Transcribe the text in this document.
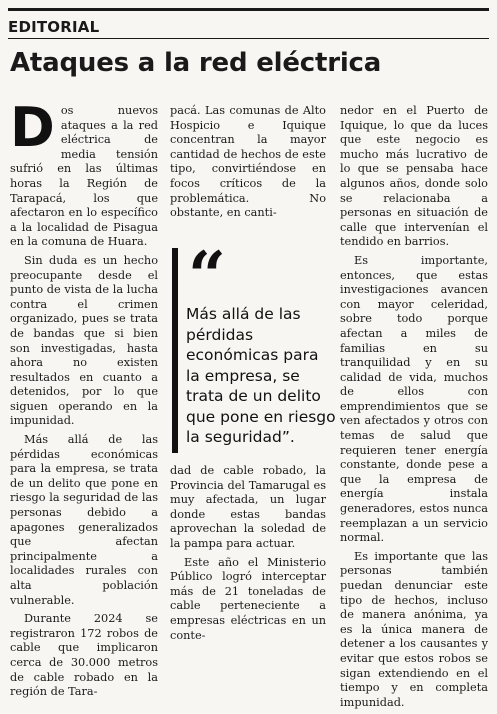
EDITORIAL
Ataques a la red eléctrica

Dos nuevos ataques a la red eléctrica de media tensión sufrió en las últimas horas la Región de Tarapacá, los que afectaron en lo específico a la localidad de Pisagua en la comuna de Huara.

Sin duda es un hecho preocupante desde el punto de vista de la lucha contra el crimen organizado, pues se trata de bandas que si bien son investigadas, hasta ahora no existen resultados en cuanto a detenidos, por lo que siguen operando en la impunidad.

Más allá de las pérdidas económicas para la empresa, se trata de un delito que pone en riesgo la seguridad de las personas debido a apagones generalizados que afectan principalmente a localidades rurales con alta población vulnerable.

Durante 2024 se registraron 172 robos de cable que implicaron cerca de 30.000 metros de cable robado en la región de Tara-

pacá. Las comunas de Alto Hospicio e Iquique concentran la mayor cantidad de hechos de este tipo, convirtiéndose en focos críticos de la problemática. No obstante, en canti-

“
Más allá de las pérdidas económicas para la empresa, se trata de un delito que pone en riesgo la seguridad”.

dad de cable robado, la Provincia del Tamarugal es muy afectada, un lugar donde estas bandas aprovechan la soledad de la pampa para actuar.

Este año el Ministerio Público logró interceptar más de 21 toneladas de cable perteneciente a empresas eléctricas en un conte-

nedor en el Puerto de Iquique, lo que da luces que este negocio es mucho más lucrativo de lo que se pensaba hace algunos años, donde solo se relacionaba a personas en situación de calle que intervenían el tendido en barrios.

Es importante, entonces, que estas investigaciones avancen con mayor celeridad, sobre todo porque afectan a miles de familias en su tranquilidad y en su calidad de vida, muchos de ellos con emprendimientos que se ven afectados y otros con temas de salud que requieren tener energía constante, donde pese a que la empresa de energía instala generadores, estos nunca reemplazan a un servicio normal.

Es importante que las personas también puedan denunciar este tipo de hechos, incluso de manera anónima, ya es la única manera de detener a los causantes y evitar que estos robos se sigan extendiendo en el tiempo y en completa impunidad.
